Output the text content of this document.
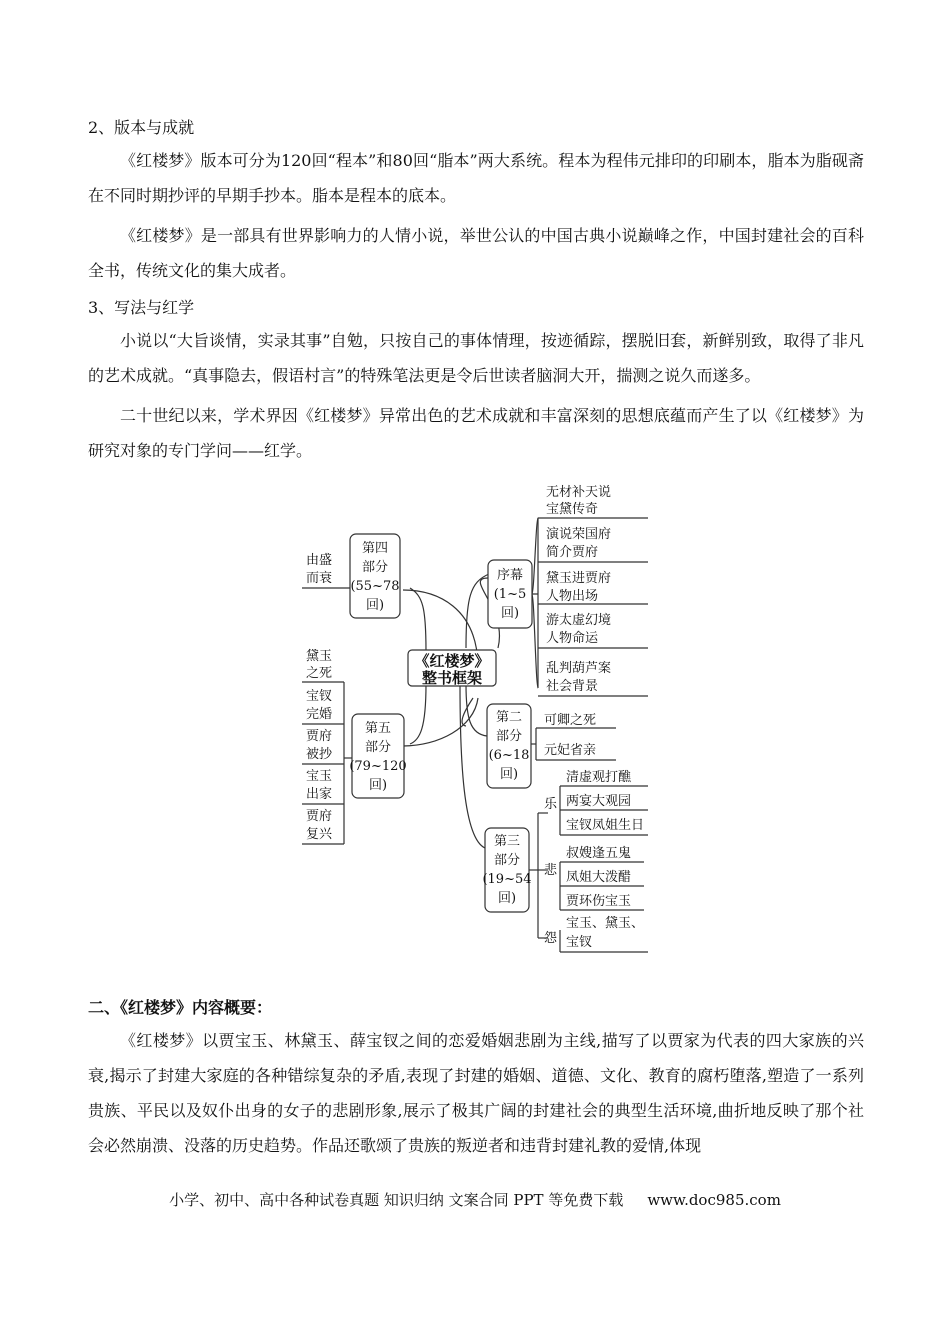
2、版本与成就

《红楼梦》版本可分为120回“程本”和80回“脂本”两大系统。程本为程伟元排印的印刷本，脂本为脂砚斋在不同时期抄评的早期手抄本。脂本是程本的底本。

《红楼梦》是一部具有世界影响力的人情小说，举世公认的中国古典小说巅峰之作，中国封建社会的百科全书，传统文化的集大成者。

3、写法与红学

小说以“大旨谈情，实录其事”自勉，只按自己的事体情理，按迹循踪，摆脱旧套，新鲜别致，取得了非凡的艺术成就。“真事隐去，假语村言”的特殊笔法更是令后世读者脑洞大开，揣测之说久而遂多。

二十世纪以来，学术界因《红楼梦》异常出色的艺术成就和丰富深刻的思想底蕴而产生了以《红楼梦》为研究对象的专门学问——红学。

《红楼梦》
整书框架
序幕
(1~5
回)
无材补天说
宝黛传奇
演说荣国府
简介贾府
黛玉进贾府
人物出场
游太虚幻境
人物命运
乱判葫芦案
社会背景
第二
部分
(6~18
回)
可卿之死
元妃省亲
第三
部分
(19~54
回)
乐
清虚观打醮
两宴大观园
宝钗凤姐生日
悲
叔嫂逢五鬼
凤姐大泼醋
贾环伤宝玉
怨
宝玉、黛玉、
宝钗
第四
部分
(55~78
回)
由盛
而衰
第五
部分
(79~120
回)
黛玉
之死
宝钗
完婚
贾府
被抄
宝玉
出家
贾府
复兴

二、《红楼梦》内容概要：

《红楼梦》以贾宝玉、林黛玉、薛宝钗之间的恋爱婚姻悲剧为主线,描写了以贾家为代表的四大家族的兴衰,揭示了封建大家庭的各种错综复杂的矛盾,表现了封建的婚姻、道德、文化、教育的腐朽堕落,塑造了一系列贵族、平民以及奴仆出身的女子的悲剧形象,展示了极其广阔的封建社会的典型生活环境,曲折地反映了那个社会必然崩溃、没落的历史趋势。作品还歌颂了贵族的叛逆者和违背封建礼教的爱情,体现

小学、初中、高中各种试卷真题 知识归纳 文案合同 PPT 等免费下载 www.doc985.com
